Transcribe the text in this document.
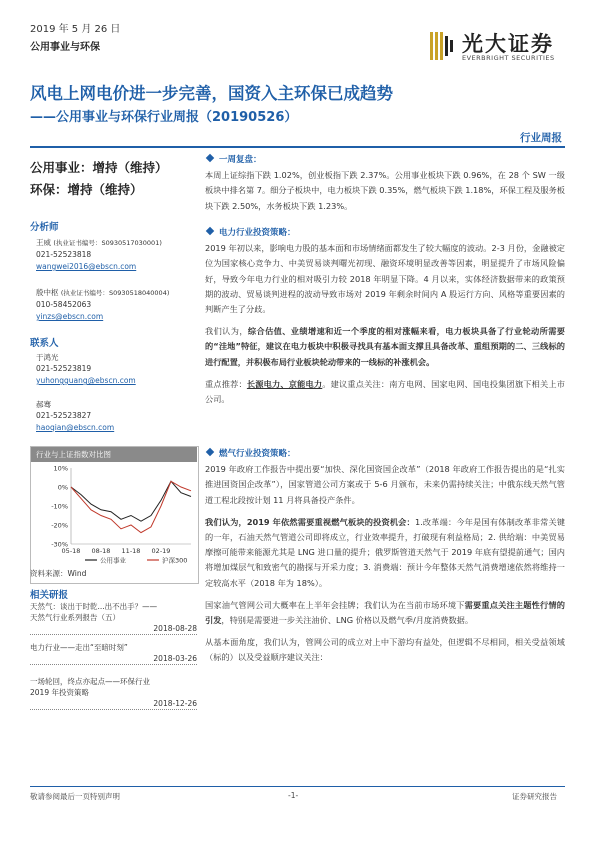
2019 年 5 月 26 日
公用事业与环保	光大证券
EVERBRIGHT SECURITIES
风电上网电价进一步完善，国资入主环保已成趋势
——公用事业与环保行业周报（20190526）
行业周报
公用事业：增持（维持）
环保：增持（维持）
分析师
王威 (执业证书编号：S0930517030001)
021-52523818
wangwei2016@ebscn.com
殷中枢 (执业证书编号：S0930518040004)
010-58452063
yinzs@ebscn.com
联系人
于鸿光
021-52523819
yuhongguang@ebscn.com
郝骞
021-52523827
haoqian@ebscn.com
行业与上证指数对比图
10%
0%
-10%
-20%
-30%
05-18 08-18 11-18 02-19
公用事业	沪深300
资料来源：Wind
相关研报
天然气：谈出于时乾...出不出手？——
天然气行业系列报告（五）
2018-08-28
电力行业——走出“至暗时刻”
2018-03-26
一场轮回，终点亦起点——环保行业
2019 年投资策略
2018-12-26
一周复盘：
本周上证综指下跌 1.02%，创业板指下跌 2.37%。公用事业板块下跌 0.96%，在 28 个 SW 一级板块中排名第 7。细分子板块中，电力板块下跌 0.35%，燃气板块下跌 1.18%，环保工程及服务板块下跌 2.50%，水务板块下跌 1.23%。
电力行业投资策略：
2019 年初以来，影响电力股的基本面和市场情绪面都发生了较大幅度的波动。2-3 月份，金融被定位为国家核心竞争力、中美贸易谈判曙光初现、融资环境明显改善等因素，明显提升了市场风险偏好，导致今年电力行业的相对吸引力较 2018 年明显下降。4 月以来，实体经济数据带来的政策预期的波动、贸易谈判进程的波动导致市场对 2019 年剩余时间内 A 股运行方向、风格等重要因素的判断产生了分歧。
我们认为，综合估值、业绩增速和近一个季度的相对涨幅来看，电力板块具备了行业轮动所需要的“洼地”特征，建议在电力板块中积极寻找具有基本面支撑且具备改革、重组预期的二、三线标的进行配置，并积极布局行业板块轮动带来的一线标的补涨机会。
重点推荐：长源电力、京能电力。建议重点关注：南方电网、国家电网、国电投集团旗下相关上市公司。
燃气行业投资策略：
2019 年政府工作报告中提出要“加快、深化国资国企改革”（2018 年政府工作报告提出的是“扎实推进国资国企改革”），国家管道公司方案或于 5-6 月颁布，未来仍需持续关注；中俄东线天然气管道工程北段按计划 11 月将具备投产条件。
我们认为，2019 年依然需要重视燃气板块的投资机会：1.改革端：今年是国有体制改革非常关键的一年，石油天然气管道公司即将成立，行业效率提升，打破现有利益格局；2. 供给端：中美贸易摩擦可能带来能源尤其是 LNG 进口量的提升；俄罗斯管道天然气于 2019 年底有望提前通气；国内将增加煤层气和致密气的勘探与开采力度；3. 消费端：预计今年整体天然气消费增速依然将维持一定较高水平（2018 年为 18%）。
国家油气管网公司大概率在上半年会挂牌；我们认为在当前市场环境下需要重点关注主题性行情的引发，特别是需要进一步关注油价、LNG 价格以及燃气季/月度消费数据。
从基本面角度，我们认为，管网公司的成立对上中下游均有益处，但逻辑不尽相同，相关受益领域（标的）以及受益顺序建议关注：
敬请参阅最后一页特别声明	-1-	证券研究报告
